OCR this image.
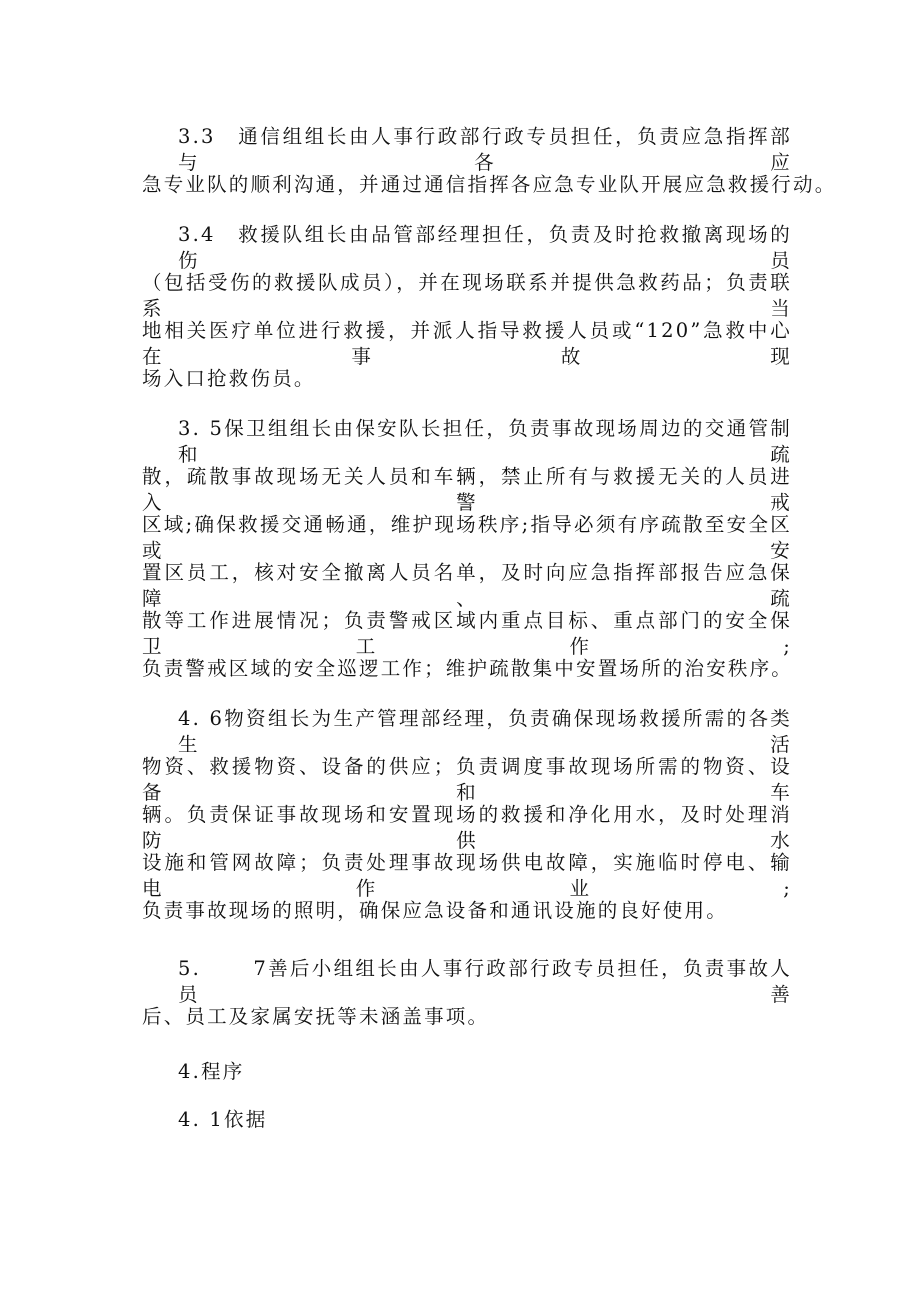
3.3　通信组组长由人事行政部行政专员担任，负责应急指挥部与各应
急专业队的顺利沟通，并通过通信指挥各应急专业队开展应急救援行动。
3.4　救援队组长由品管部经理担任，负责及时抢救撤离现场的伤员
（包括受伤的救援队成员），并在现场联系并提供急救药品；负责联系当
地相关医疗单位进行救援，并派人指导救援人员或“120”急救中心在事故现
场入口抢救伤员。
3. 5保卫组组长由保安队长担任，负责事故现场周边的交通管制和疏
散，疏散事故现场无关人员和车辆，禁止所有与救援无关的人员进入警戒
区域;确保救援交通畅通，维护现场秩序;指导必须有序疏散至安全区或安
置区员工，核对安全撤离人员名单，及时向应急指挥部报告应急保障、疏
散等工作进展情况；负责警戒区域内重点目标、重点部门的安全保卫工作;
负责警戒区域的安全巡逻工作；维护疏散集中安置场所的治安秩序。
4. 6物资组长为生产管理部经理，负责确保现场救援所需的各类生活
物资、救援物资、设备的供应；负责调度事故现场所需的物资、设备和车
辆。负责保证事故现场和安置现场的救援和净化用水，及时处理消防供水
设施和管网故障；负责处理事故现场供电故障，实施临时停电、输电作业;
负责事故现场的照明，确保应急设备和通讯设施的良好使用。
5.　　 7善后小组组长由人事行政部行政专员担任，负责事故人员善
后、员工及家属安抚等未涵盖事项。
4.程序
4. 1依据
